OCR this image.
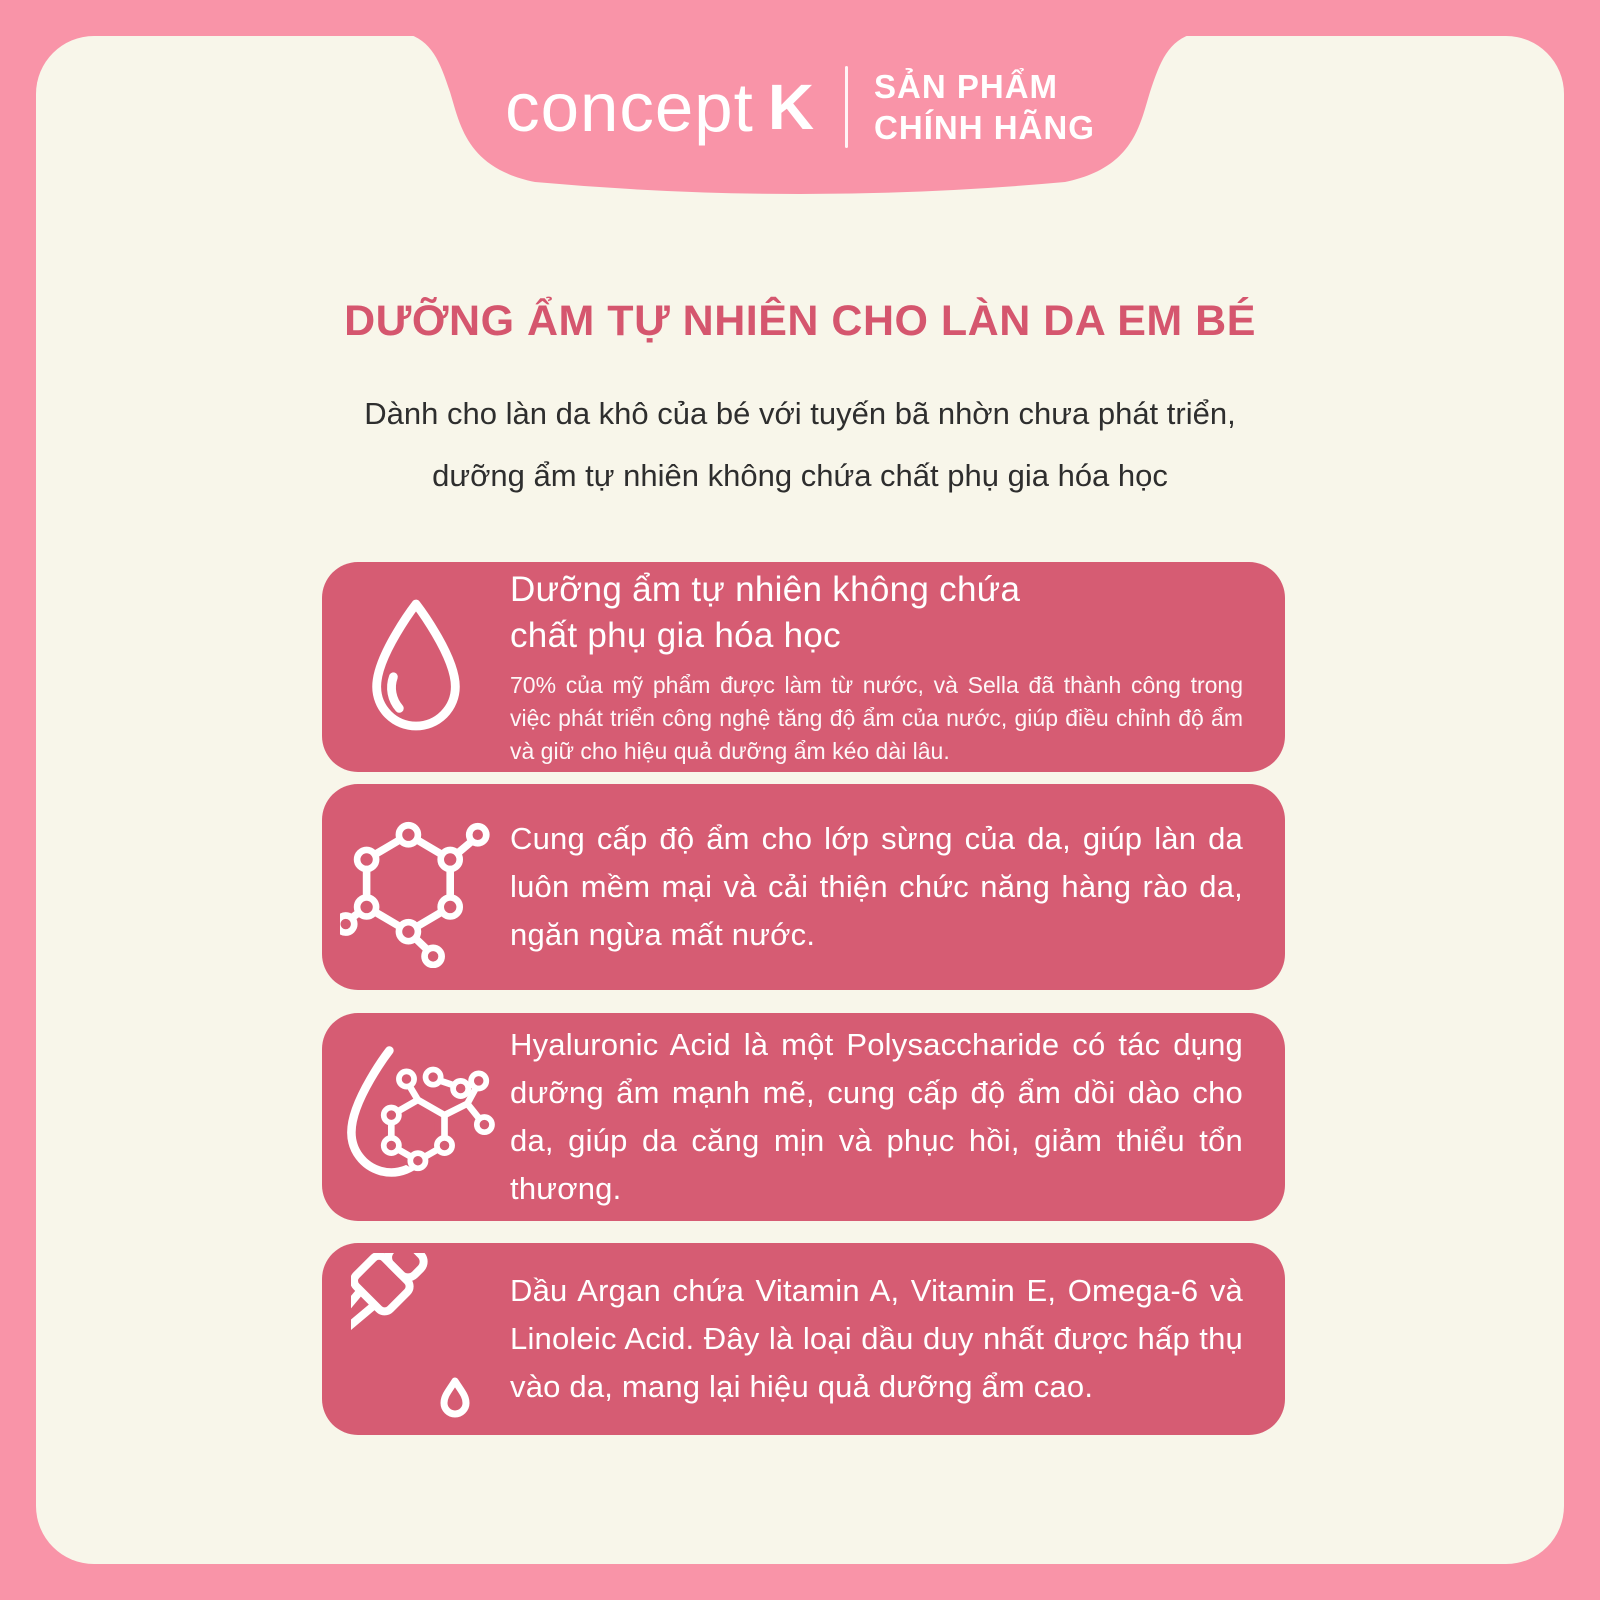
concept K SẢN PHẨM
CHÍNH HÃNG
DƯỠNG ẨM TỰ NHIÊN CHO LÀN DA EM BÉ
Dành cho làn da khô của bé với tuyến bã nhờn chưa phát triển,
dưỡng ẩm tự nhiên không chứa chất phụ gia hóa học
Dưỡng ẩm tự nhiên không chứa
chất phụ gia hóa học
70% của mỹ phẩm được làm từ nước, và Sella đã thành công trong việc phát triển công nghệ tăng độ ẩm của nước, giúp điều chỉnh độ ẩm và giữ cho hiệu quả dưỡng ẩm kéo dài lâu.
Cung cấp độ ẩm cho lớp sừng của da, giúp làn da luôn mềm mại và cải thiện chức năng hàng rào da, ngăn ngừa mất nước.
Hyaluronic Acid là một Polysaccharide có tác dụng dưỡng ẩm mạnh mẽ, cung cấp độ ẩm dồi dào cho da, giúp da căng mịn và phục hồi, giảm thiểu tổn thương.
Dầu Argan chứa Vitamin A, Vitamin E, Omega-6 và Linoleic Acid. Đây là loại dầu duy nhất được hấp thụ vào da, mang lại hiệu quả dưỡng ẩm cao.
